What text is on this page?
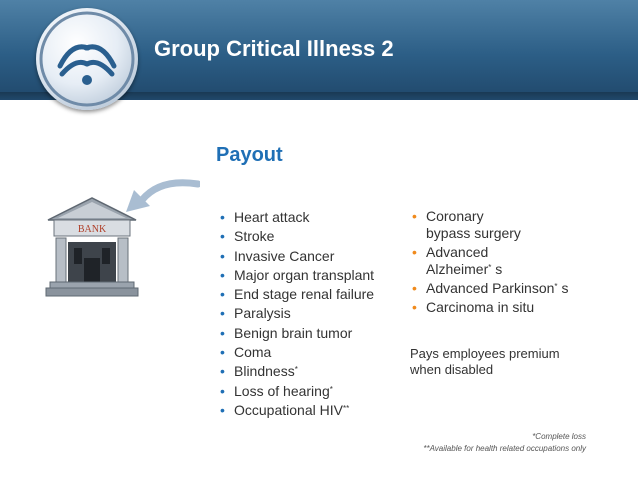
Group Critical Illness 2
Payout
BANK
• Heart attack
• Stroke
• Invasive Cancer
• Major organ transplant
• End stage renal failure
• Paralysis
• Benign brain tumor
• Coma
• Blindness*
• Loss of hearing*
• Occupational HIV**
• Coronary
bypass surgery
• Advanced
Alzheimer* s
• Advanced Parkinson* s
• Carcinoma in situ
Pays employees premium when disabled
*Complete loss
**Available for health related occupations only
